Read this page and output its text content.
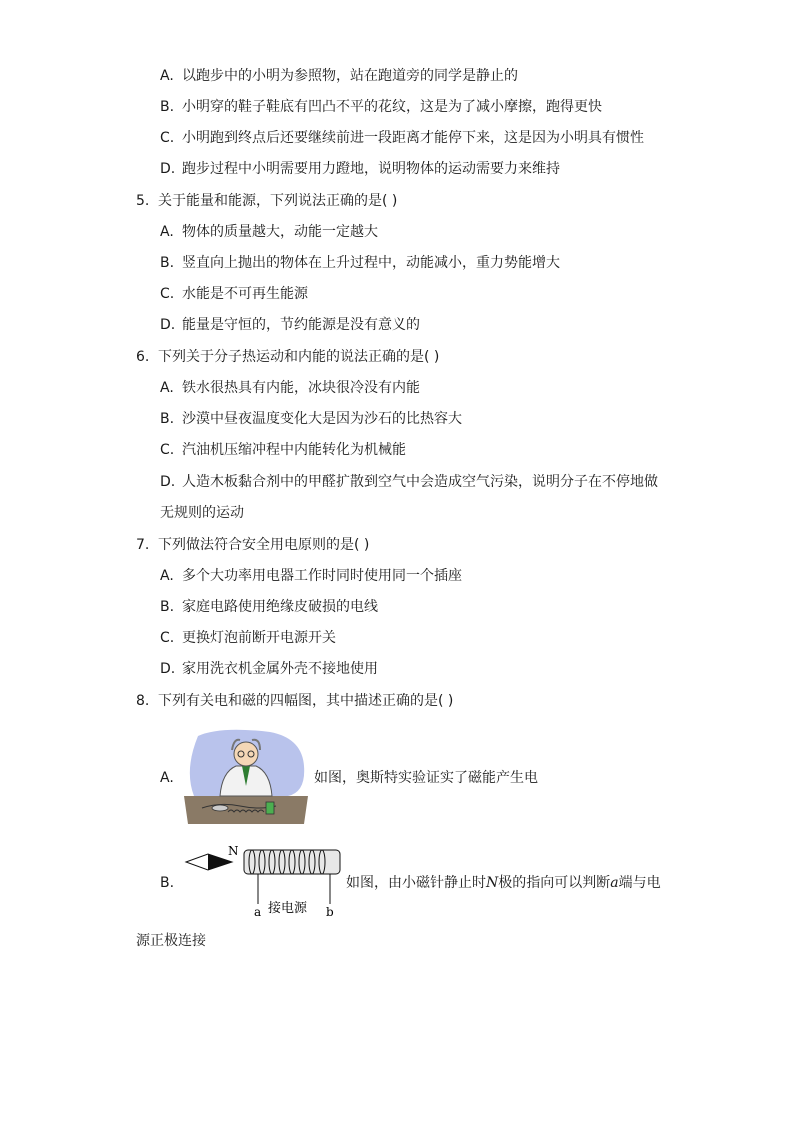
A. 以跑步中的小明为参照物，站在跑道旁的同学是静止的
B. 小明穿的鞋子鞋底有凹凸不平的花纹，这是为了减小摩擦，跑得更快
C. 小明跑到终点后还要继续前进一段距离才能停下来，这是因为小明具有惯性
D. 跑步过程中小明需要用力蹬地，说明物体的运动需要力来维持
5. 关于能量和能源，下列说法正确的是( )
A. 物体的质量越大，动能一定越大
B. 竖直向上抛出的物体在上升过程中，动能减小，重力势能增大
C. 水能是不可再生能源
D. 能量是守恒的，节约能源是没有意义的
6. 下列关于分子热运动和内能的说法正确的是( )
A. 铁水很热具有内能，冰块很冷没有内能
B. 沙漠中昼夜温度变化大是因为沙石的比热容大
C. 汽油机压缩冲程中内能转化为机械能
D. 人造木板黏合剂中的甲醛扩散到空气中会造成空气污染，说明分子在不停地做
无规则的运动
7. 下列做法符合安全用电原则的是( )
A. 多个大功率用电器工作时同时使用同一个插座
B. 家庭电路使用绝缘皮破损的电线
C. 更换灯泡前断开电源开关
D. 家用洗衣机金属外壳不接地使用
8. 下列有关电和磁的四幅图，其中描述正确的是( )
A.	如图，奥斯特实验证实了磁能产生电
B.
N
a	b
接电源
如图，由小磁针静止时N极的指向可以判断a端与电
源正极连接
